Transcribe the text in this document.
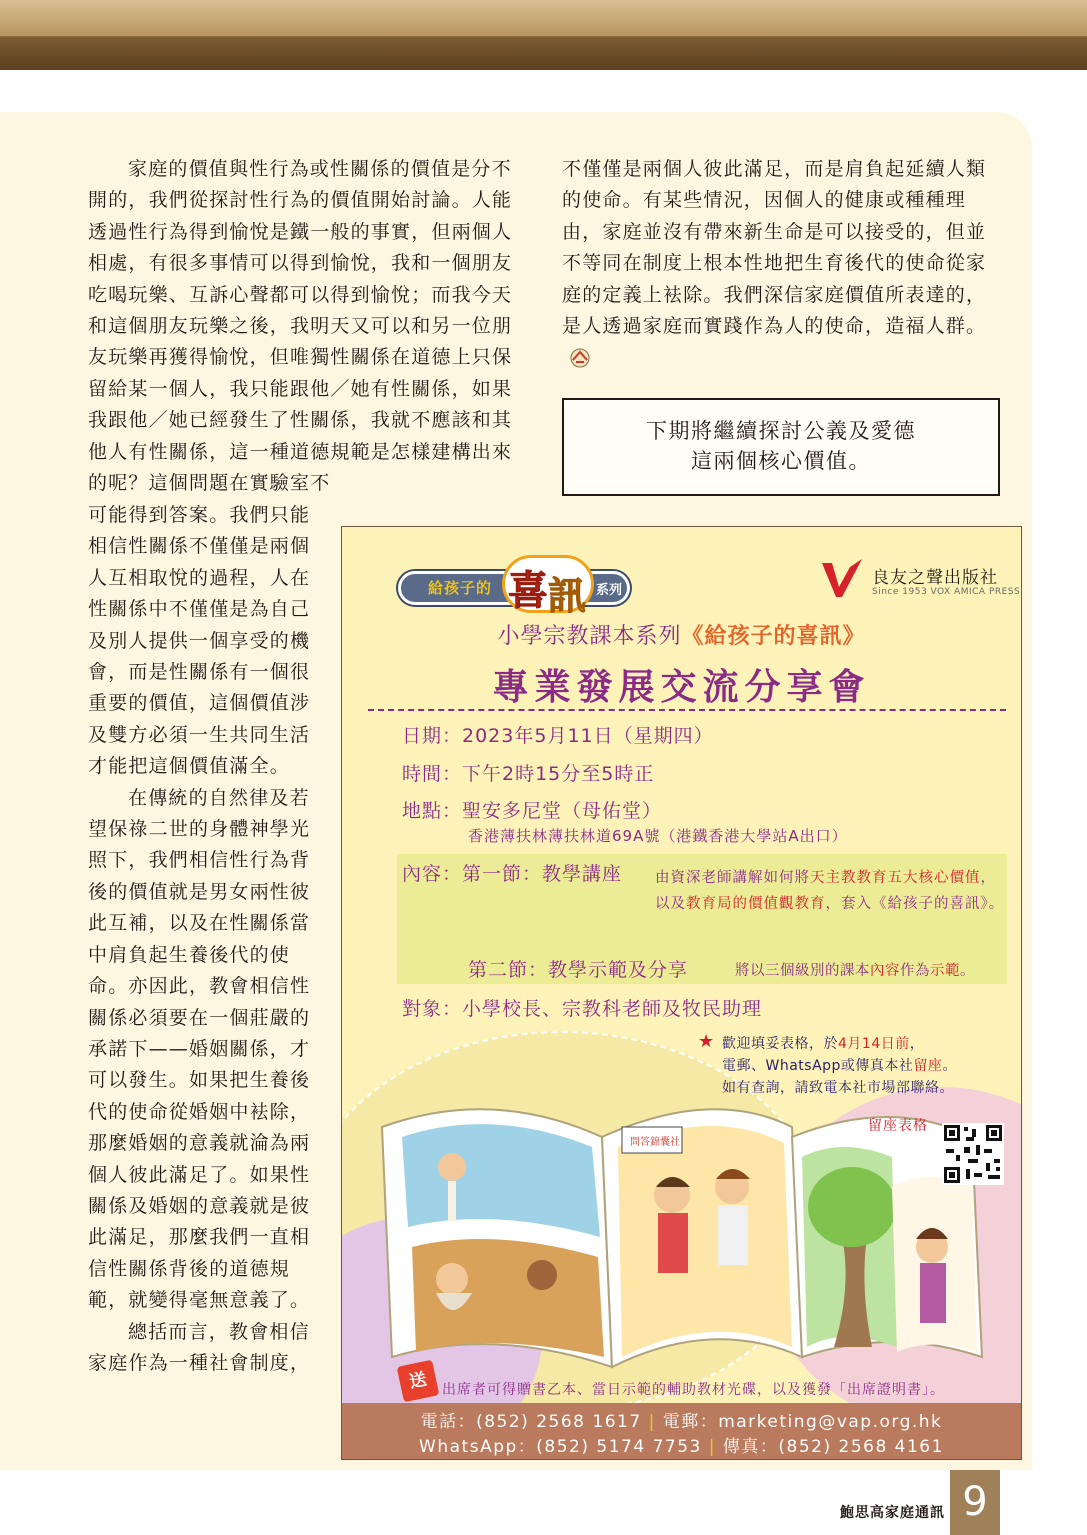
家庭的價值與性行為或性關係的價值是分不開的，我們從探討性行為的價值開始討論。人能透過性行為得到愉悅是鐵一般的事實，但兩個人相處，有很多事情可以得到愉悅，我和一個朋友吃喝玩樂、互訴心聲都可以得到愉悅；而我今天和這個朋友玩樂之後，我明天又可以和另一位朋友玩樂再獲得愉悅，但唯獨性關係在道德上只保留給某一個人，我只能跟他／她有性關係，如果我跟他／她已經發生了性關係，我就不應該和其他人有性關係，這一種道德規範是怎樣建構出來的呢？這個問題在實驗室不

可能得到答案。我們只能相信性關係不僅僅是兩個人互相取悅的過程，人在性關係中不僅僅是為自己及別人提供一個享受的機會，而是性關係有一個很重要的價值，這個價值涉及雙方必須一生共同生活才能把這個價值滿全。

在傳統的自然律及若望保祿二世的身體神學光照下，我們相信性行為背後的價值就是男女兩性彼此互補，以及在性關係當中肩負起生養後代的使命。亦因此，教會相信性關係必須要在一個莊嚴的承諾下——婚姻關係，才可以發生。如果把生養後代的使命從婚姻中袪除，那麼婚姻的意義就淪為兩個人彼此滿足了。如果性關係及婚姻的意義就是彼此滿足，那麼我們一直相信性關係背後的道德規範，就變得毫無意義了。

總括而言，教會相信家庭作為一種社會制度，

不僅僅是兩個人彼此滿足，而是肩負起延續人類的使命。有某些情況，因個人的健康或種種理由，家庭並沒有帶來新生命是可以接受的，但並不等同在制度上根本性地把生育後代的使命從家庭的定義上袪除。我們深信家庭價值所表達的，是人透過家庭而實踐作為人的使命，造福人群。

下期將繼續探討公義及愛德
這兩個核心價值。
給孩子的 喜 訊 系列
良友之聲出版社
Since 1953 VOX AMICA PRESS
小學宗教課本系列《給孩子的喜訊》
專業發展交流分享會
日期：2023年5月11日（星期四）
時間：下午2時15分至5時正
地點：聖安多尼堂（母佑堂）
香港薄扶林薄扶林道69A號（港鐵香港大學站A出口）
內容：第一節：教學講座 由資深老師講解如何將天主教教育五大核心價值，以及教育局的價值觀教育，套入《給孩子的喜訊》。
第二節：教學示範及分享	將以三個級別的課本內容作為示範。
對象：小學校長、宗教科老師及牧民助理
問答錦囊社
★ 歡迎填妥表格，於4月14日前，
電郵、WhatsApp或傳真本社留座。
如有查詢，請致電本社市場部聯絡。
留座表格
送 出席者可得贈書乙本、當日示範的輔助教材光碟，以及獲發「出席證明書」。
電話：(852) 2568 1617 | 電郵：marketing@vap.org.hk
WhatsApp：(852) 5174 7753 | 傳真：(852) 2568 4161
鮑思高家庭通訊 9
